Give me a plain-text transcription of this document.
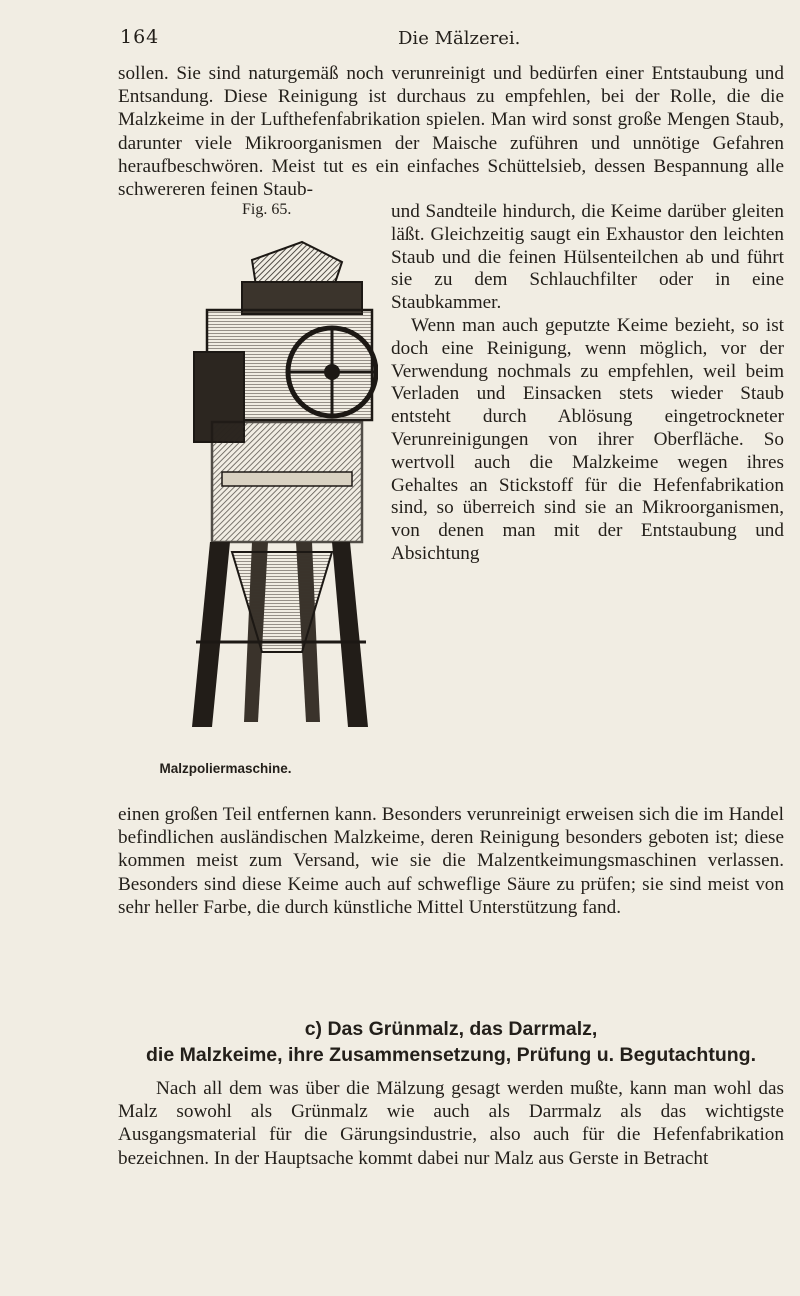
164	Die Mälzerei.
sollen. Sie sind naturgemäß noch verunreinigt und bedürfen einer Entstaubung und Entsandung. Diese Reinigung ist durchaus zu empfehlen, bei der Rolle, die die Malzkeime in der Lufthefenfabrikation spielen. Man wird sonst große Mengen Staub, darunter viele Mikroorganismen der Maische zuführen und unnötige Gefahren heraufbeschwören. Meist tut es ein einfaches Schüttelsieb, dessen Bespannung alle schwereren feinen Staub-
Fig. 65.
Malzpoliermaschine.

und Sandteile hindurch, die Keime darüber gleiten läßt. Gleichzeitig saugt ein Exhaustor den leichten Staub und die feinen Hülsenteilchen ab und führt sie zu dem Schlauchfilter oder in eine Staubkammer.

Wenn man auch geputzte Keime bezieht, so ist doch eine Reinigung, wenn möglich, vor der Verwendung nochmals zu empfehlen, weil beim Verladen und Einsacken stets wieder Staub entsteht durch Ablösung eingetrockneter Verunreinigungen von ihrer Oberfläche. So wertvoll auch die Malzkeime wegen ihres Gehaltes an Stickstoff für die Hefenfabrikation sind, so überreich sind sie an Mikroorganismen, von denen man mit der Entstaubung und Absichtung

einen großen Teil entfernen kann. Besonders verunreinigt erweisen sich die im Handel befindlichen ausländischen Malzkeime, deren Reinigung besonders geboten ist; diese kommen meist zum Versand, wie sie die Malzentkeimungsmaschinen verlassen. Besonders sind diese Keime auch auf schweflige Säure zu prüfen; sie sind meist von sehr heller Farbe, die durch künstliche Mittel Unterstützung fand.
c) Das Grünmalz, das Darrmalz,
die Malzkeime, ihre Zusammensetzung, Prüfung u. Begutachtung.
Nach all dem was über die Mälzung gesagt werden mußte, kann man wohl das Malz sowohl als Grünmalz wie auch als Darrmalz als das wichtigste Ausgangsmaterial für die Gärungsindustrie, also auch für die Hefenfabrikation bezeichnen. In der Hauptsache kommt dabei nur Malz aus Gerste in Betracht
